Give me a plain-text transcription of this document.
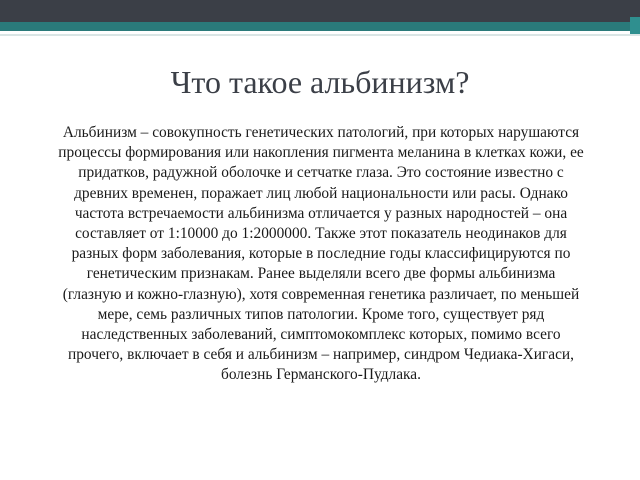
Что такое альбинизм?

Альбинизм – совокупность генетических патологий, при которых нарушаются процессы формирования или накопления пигмента меланина в клетках кожи, ее придатков, радужной оболочке и сетчатке глаза. Это состояние известно с древних временен, поражает лиц любой национальности или расы. Однако частота встречаемости альбинизма отличается у разных народностей – она составляет от 1:10000 до 1:2000000. Также этот показатель неодинаков для разных форм заболевания, которые в последние годы классифицируются по генетическим признакам. Ранее выделяли всего две формы альбинизма (глазную и кожно-глазную), хотя современная генетика различает, по меньшей мере, семь различных типов патологии. Кроме того, существует ряд наследственных заболеваний, симптомокомплекс которых, помимо всего прочего, включает в себя и альбинизм – например, синдром Чедиака-Хигаси, болезнь Германского-Пудлака.
